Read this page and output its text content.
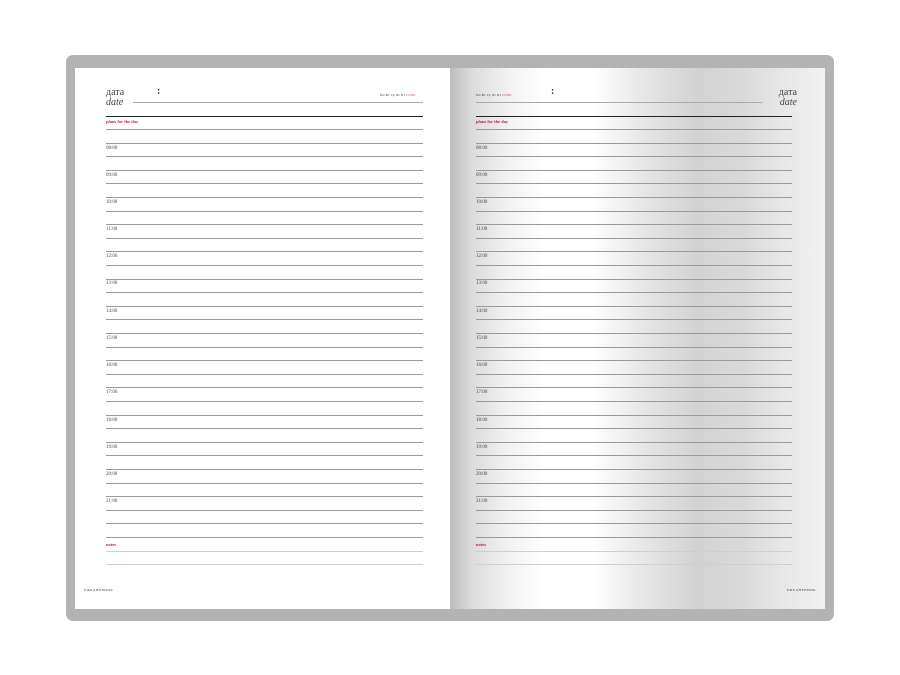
дата
date
:	Пн Вт Ср Чт Пт Сб Вс
plans for the day
08:00
09:00
10:00
11:00
12:00
13:00
14:00
15:00
16:00
17:00
18:00
19:00
20:00
21:00
notes
ЕЖЕДНЕВНИК
дата
date
:
Пн Вт Ср Чт Пт Сб Вс
plans for the day
08:00
09:00
10:00
11:00
12:00
13:00
14:00
15:00
16:00
17:00
18:00
19:00
20:00
21:00
notes
ЕЖЕДНЕВНИК
